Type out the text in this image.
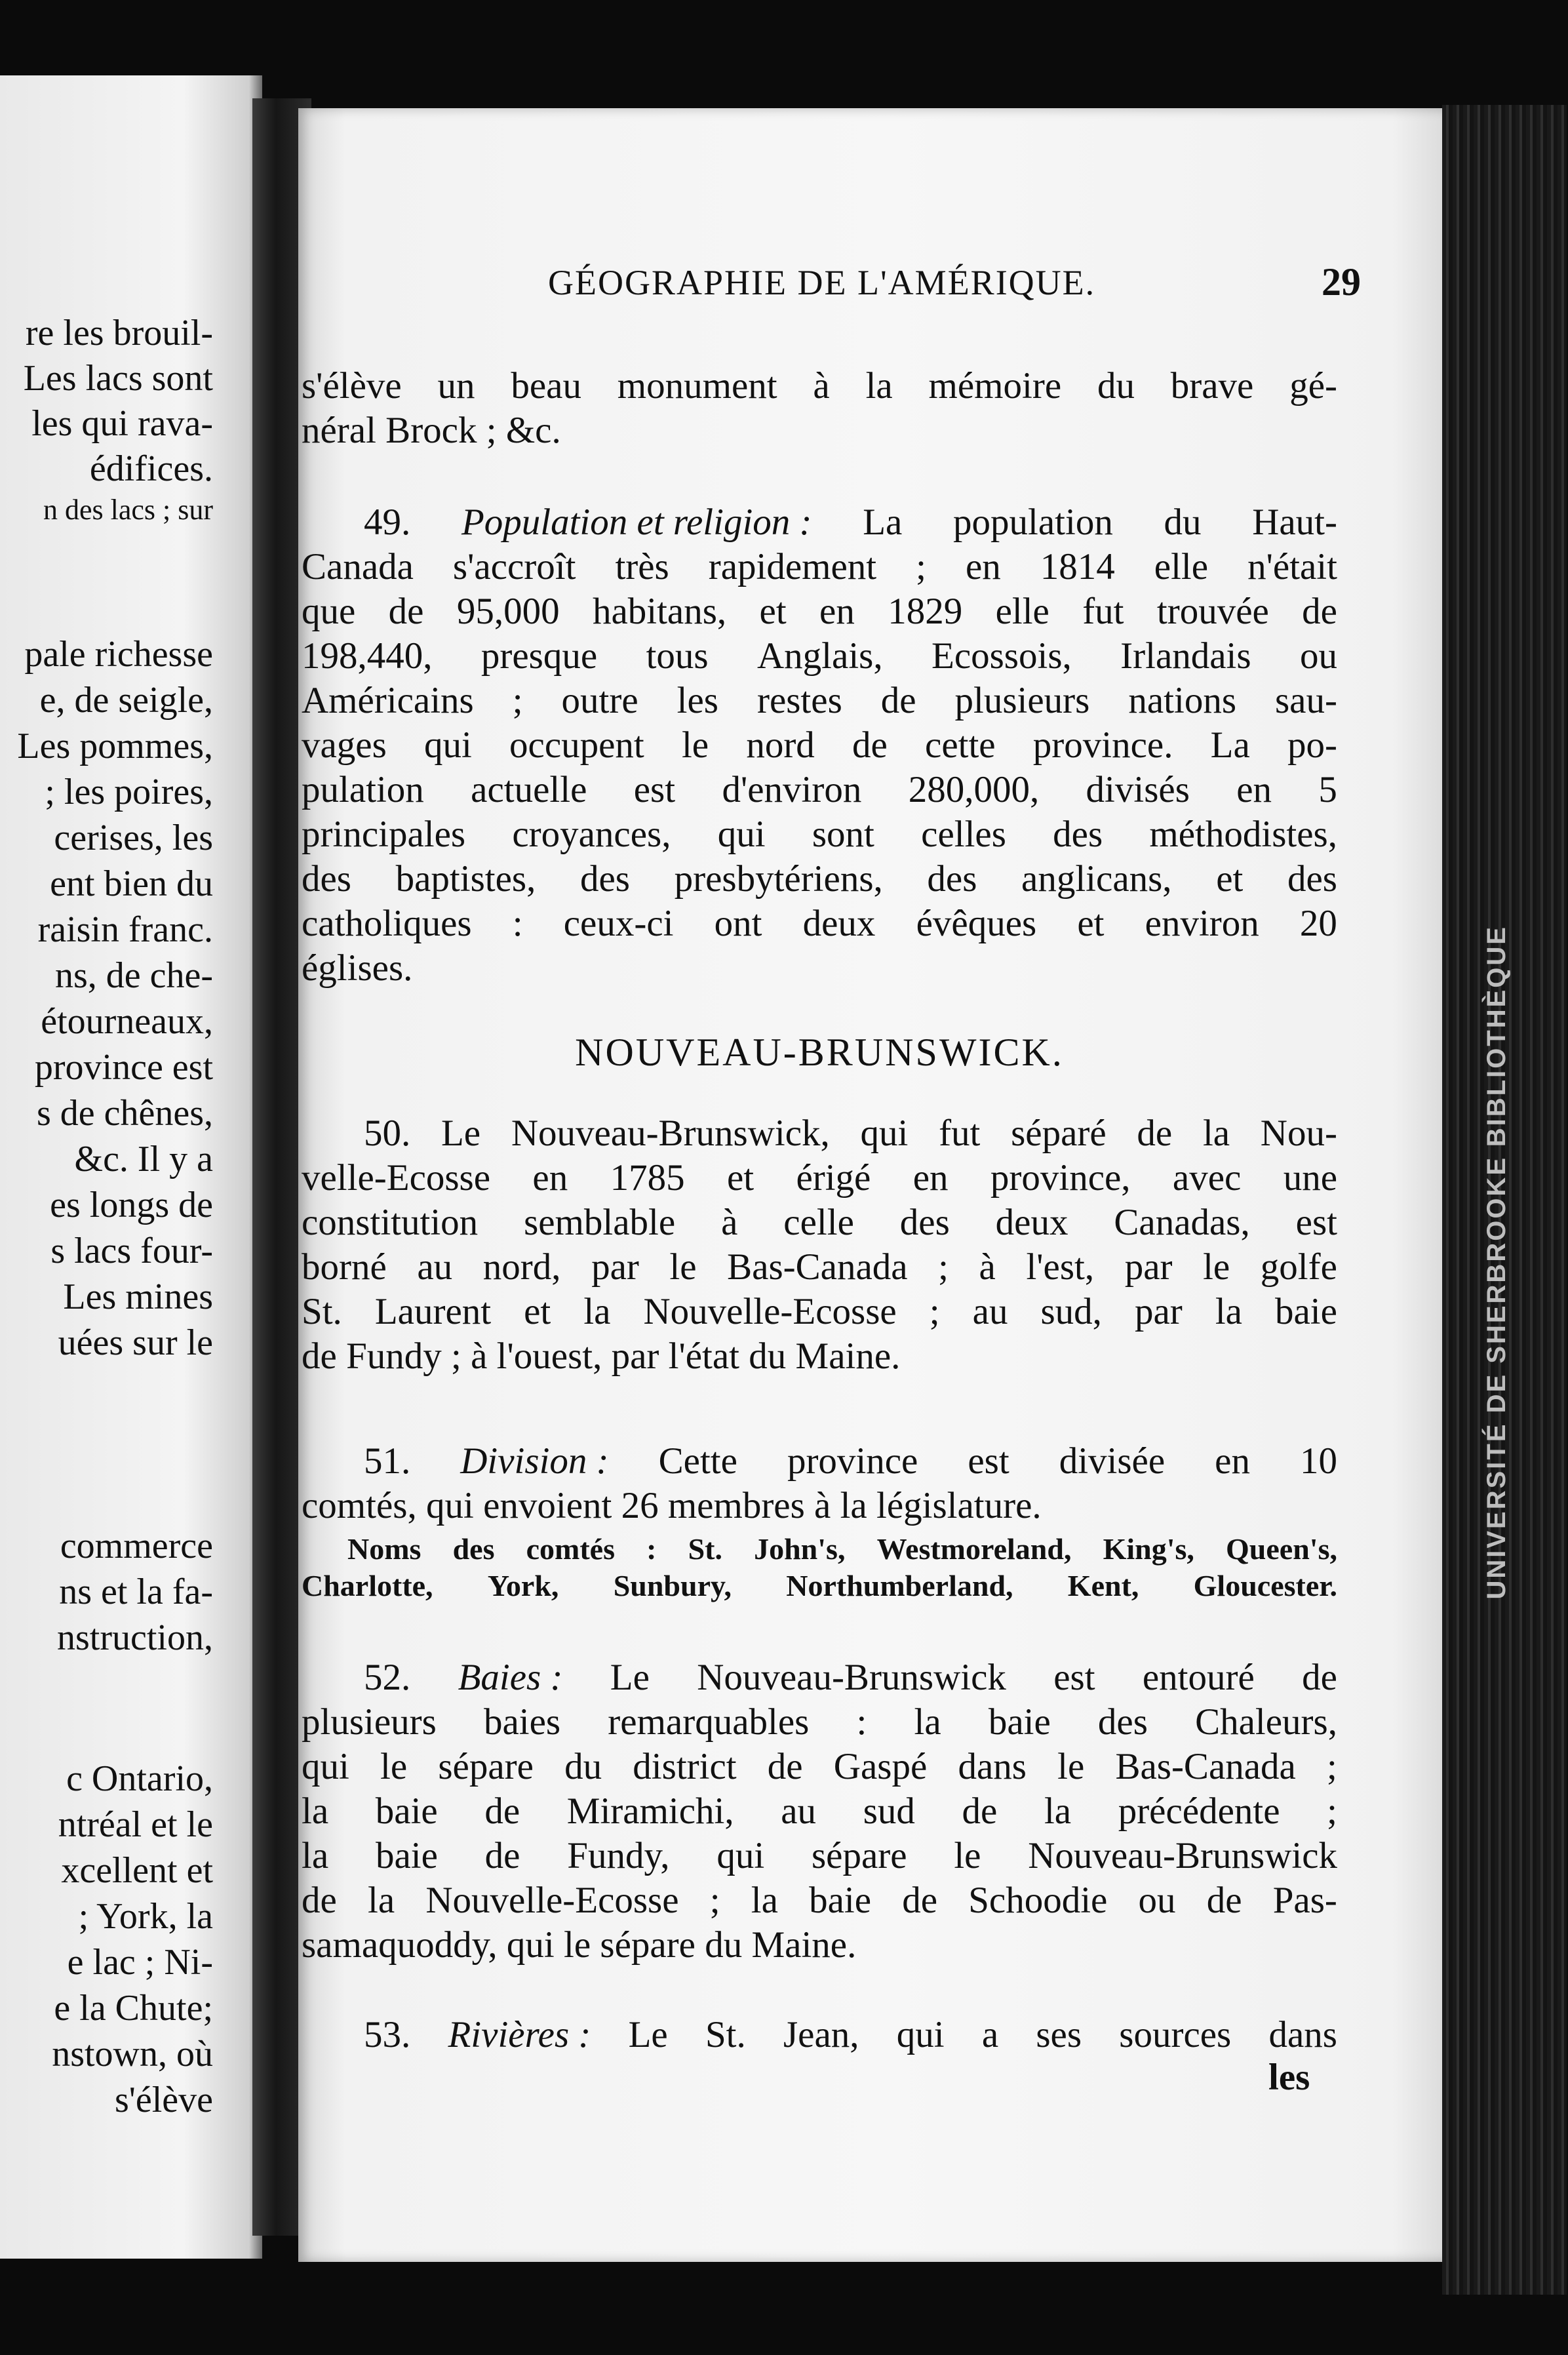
re les brouil-
Les lacs sont
les qui rava-
édifices.
n des lacs ; sur
pale richesse
e, de seigle,
Les pommes,
; les poires,
cerises, les
ent bien du
raisin franc.
ns, de che-
étourneaux,
province est
s de chênes,
&c. Il y a
es longs de
s lacs four-
Les mines
uées sur le
commerce
ns et la fa-
nstruction,
c Ontario,
ntréal et le
xcellent et
; York, la
e lac ; Ni-
e la Chute;
nstown, où
s'élève
BIBLIOTHÈQUE
UNIVERSITÉ DE SHERBROOKE
GÉOGRAPHIE DE L'AMÉRIQUE.	29
s'élève un beau monument à la mémoire du brave gé-
néral
Brock
;
&c.
49. Population et religion : La population du Haut-
Canada s'accroît très rapidement ; en 1814 elle n'était
que de 95,000 habitans, et en 1829 elle fut trouvée de
198,440, presque tous Anglais, Ecossois, Irlandais ou
Américains ; outre les restes de plusieurs nations sau-
vages qui occupent le nord de cette province. La po-
pulation actuelle est d'environ 280,000, divisés en 5
principales croyances, qui sont celles des méthodistes,
des baptistes, des presbytériens, des anglicans, et des
catholiques : ceux-ci ont deux évêques et environ 20
églises.
NOUVEAU-BRUNSWICK.
50. Le Nouveau-Brunswick, qui fut séparé de la Nou-
velle-Ecosse en 1785 et érigé en province, avec une
constitution semblable à celle des deux Canadas, est
borné au nord, par le Bas-Canada ; à l'est, par le golfe
St. Laurent et la Nouvelle-Ecosse ; au sud, par la baie
de
Fundy
;
à
l'ouest,
par
l'état
du
Maine.
51. Division : Cette province est divisée en 10
comtés,
qui
envoient
26
membres
à
la
législature.
Noms des comtés : St. John's, Westmoreland, King's, Queen's,
Charlotte, York, Sunbury, Northumberland, Kent, Gloucester.
52. Baies : Le Nouveau-Brunswick est entouré de
plusieurs baies remarquables : la baie des Chaleurs,
qui le sépare du district de Gaspé dans le Bas-Canada ;
la baie de Miramichi, au sud de la précédente ;
la baie de Fundy, qui sépare le Nouveau-Brunswick
de la Nouvelle-Ecosse ; la baie de Schoodie ou de Pas-
samaquoddy,
qui
le
sépare
du
Maine.
53. Rivières : Le St. Jean, qui a ses sources dans
les
